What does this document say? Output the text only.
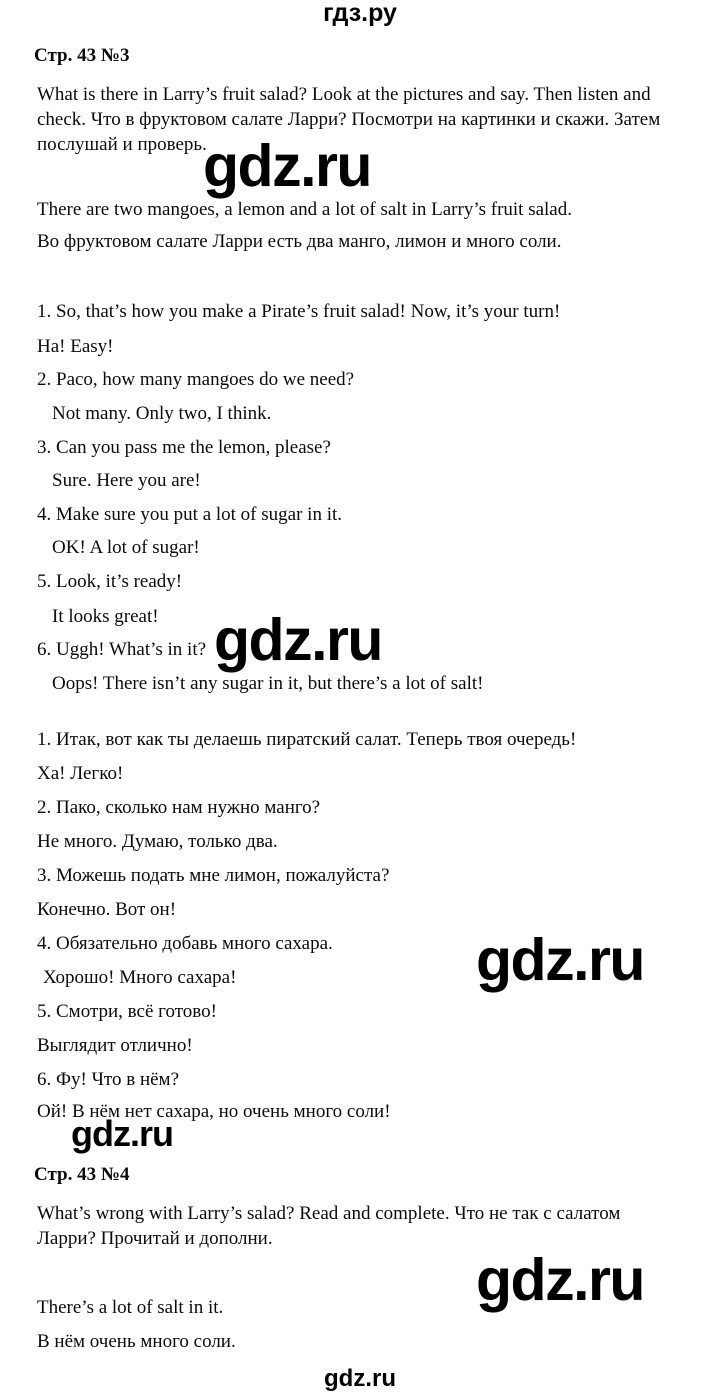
гдз.ру
Стр. 43 №3
What is there in Larry’s fruit salad? Look at the pictures and say. Then listen and
check. Что в фруктовом салате Ларри? Посмотри на картинки и скажи. Затем
послушай и проверь.
gdz.ru
There are two mangoes, a lemon and a lot of salt in Larry’s fruit salad.
Во фруктовом салате Ларри есть два манго, лимон и много соли.
1. So, that’s how you make a Pirate’s fruit salad! Now, it’s your turn!
Ha! Easy!
2. Paco, how many mangoes do we need?
Not many. Only two, I think.
3. Can you pass me the lemon, please?
Sure. Here you are!
4. Make sure you put a lot of sugar in it.
OK! A lot of sugar!
5. Look, it’s ready!
It looks great!
6. Uggh! What’s in it? gdz.ru
Oops! There isn’t any sugar in it, but there’s a lot of salt!
1. Итак, вот как ты делаешь пиратский салат. Теперь твоя очередь!
Ха! Легко!
2. Пако, сколько нам нужно манго?
Не много. Думаю, только два.
3. Можешь подать мне лимон, пожалуйста?
Конечно. Вот он!
4. Обязательно добавь много сахара. gdz.ru
Хорошо! Много сахара!
5. Смотри, всё готово!
Выглядит отлично!
6. Фу! Что в нём?
Ой! В нём нет сахара, но очень много соли!
gdz.ru
Стр. 43 №4
What’s wrong with Larry’s salad? Read and complete. Что не так с салатом
Ларри? Прочитай и дополни.
gdz.ru
There’s a lot of salt in it.
В нём очень много соли.
gdz.ru
